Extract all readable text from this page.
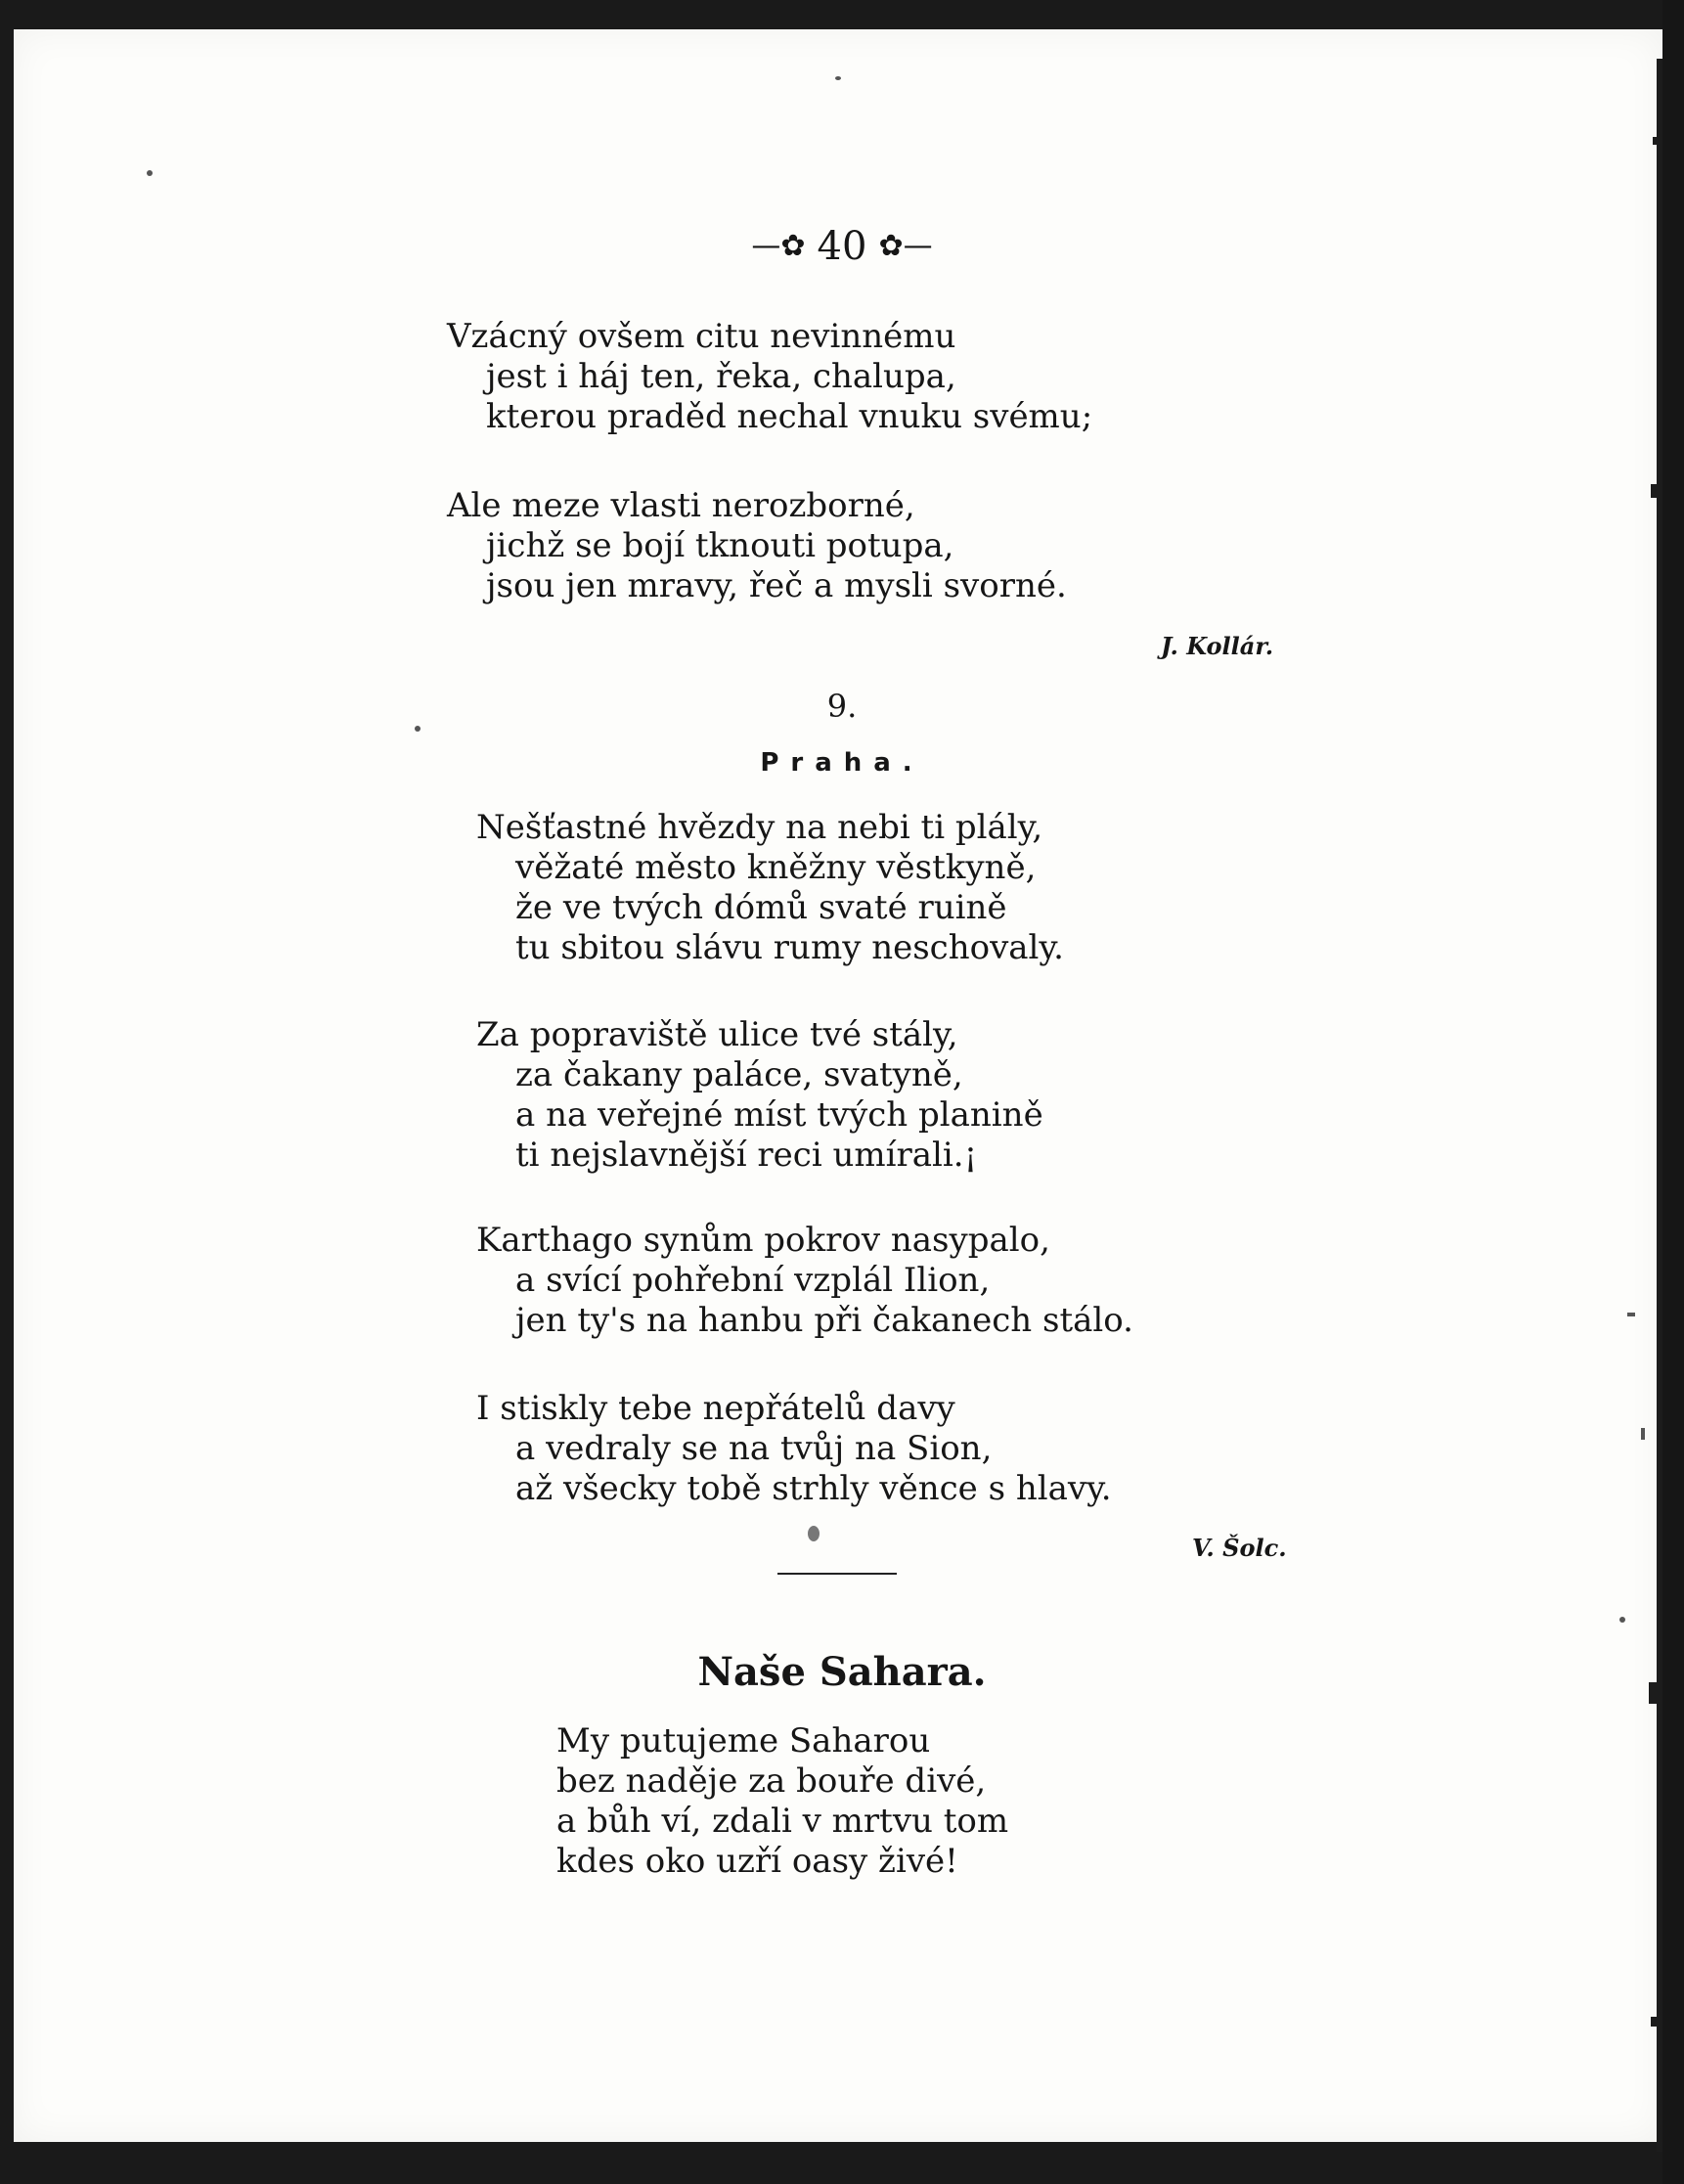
—✿ 40 ✿—
Vzácný ovšem citu nevinnému
jest i háj ten, řeka, chalupa,
kterou praděd nechal vnuku svému;
Ale meze vlasti nerozborné,
jichž se bojí tknouti potupa,
jsou jen mravy, řeč a mysli svorné.
J. Kollár.
9.
Praha.
Nešťastné hvězdy na nebi ti plály,
věžaté město kněžny věstkyně,
že ve tvých dómů svaté ruině
tu sbitou slávu rumy neschovaly.
Za popraviště ulice tvé stály,
za čakany paláce, svatyně,
a na veřejné míst tvých planině
ti nejslavnější reci umírali.¡
Karthago synům pokrov nasypalo,
a svící pohřební vzplál Ilion,
jen ty's na hanbu při čakanech stálo.
I stiskly tebe nepřátelů davy
a vedraly se na tvůj na Sion,
až všecky tobě strhly věnce s hlavy.
V. Šolc.
Naše Sahara.
My putujeme Saharou
bez naděje za bouře divé,
a bůh ví, zdali v mrtvu tom
kdes oko uzří oasy živé!
